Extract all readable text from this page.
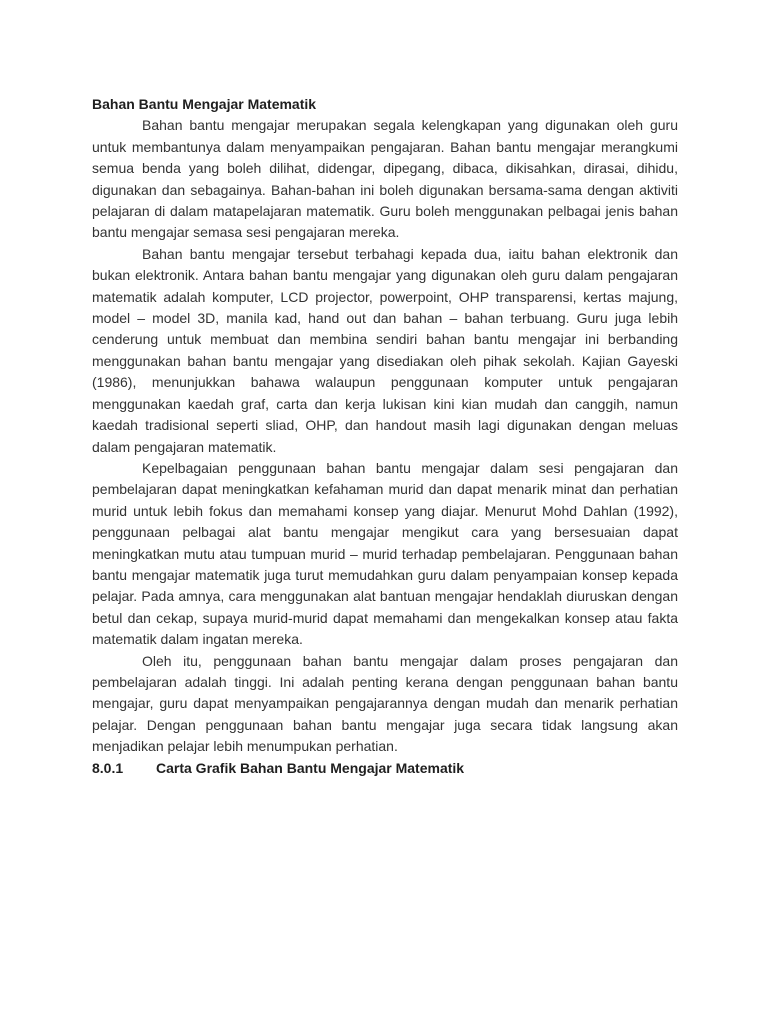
Bahan Bantu Mengajar Matematik

Bahan bantu mengajar merupakan segala kelengkapan yang digunakan oleh guru untuk membantunya dalam menyampaikan pengajaran. Bahan bantu mengajar merangkumi semua benda yang boleh dilihat, didengar, dipegang, dibaca, dikisahkan, dirasai, dihidu, digunakan dan sebagainya. Bahan-bahan ini boleh digunakan bersama-sama dengan aktiviti pelajaran di dalam matapelajaran matematik. Guru boleh menggunakan pelbagai jenis bahan bantu mengajar semasa sesi pengajaran mereka.

Bahan bantu mengajar tersebut terbahagi kepada dua, iaitu bahan elektronik dan bukan elektronik. Antara bahan bantu mengajar yang digunakan oleh guru dalam pengajaran matematik adalah komputer, LCD projector, powerpoint, OHP transparensi, kertas majung, model – model 3D, manila kad, hand out dan bahan – bahan terbuang. Guru juga lebih cenderung untuk membuat dan membina sendiri bahan bantu mengajar ini berbanding menggunakan bahan bantu mengajar yang disediakan oleh pihak sekolah. Kajian Gayeski (1986), menunjukkan bahawa walaupun penggunaan komputer untuk pengajaran menggunakan kaedah graf, carta dan kerja lukisan kini kian mudah dan canggih, namun kaedah tradisional seperti sliad, OHP, dan handout masih lagi digunakan dengan meluas dalam pengajaran matematik.

Kepelbagaian penggunaan bahan bantu mengajar dalam sesi pengajaran dan pembelajaran dapat meningkatkan kefahaman murid dan dapat menarik minat dan perhatian murid untuk lebih fokus dan memahami konsep yang diajar. Menurut Mohd Dahlan (1992), penggunaan pelbagai alat bantu mengajar mengikut cara yang bersesuaian dapat meningkatkan mutu atau tumpuan murid – murid terhadap pembelajaran. Penggunaan bahan bantu mengajar matematik juga turut memudahkan guru dalam penyampaian konsep kepada pelajar. Pada amnya, cara menggunakan alat bantuan mengajar hendaklah diuruskan dengan betul dan cekap, supaya murid-murid dapat memahami dan mengekalkan konsep atau fakta matematik dalam ingatan mereka.

Oleh itu, penggunaan bahan bantu mengajar dalam proses pengajaran dan pembelajaran adalah tinggi. Ini adalah penting kerana dengan penggunaan bahan bantu mengajar, guru dapat menyampaikan pengajarannya dengan mudah dan menarik perhatian pelajar. Dengan penggunaan bahan bantu mengajar juga secara tidak langsung akan menjadikan pelajar lebih menumpukan perhatian.

8.0.1	Carta Grafik Bahan Bantu Mengajar Matematik
